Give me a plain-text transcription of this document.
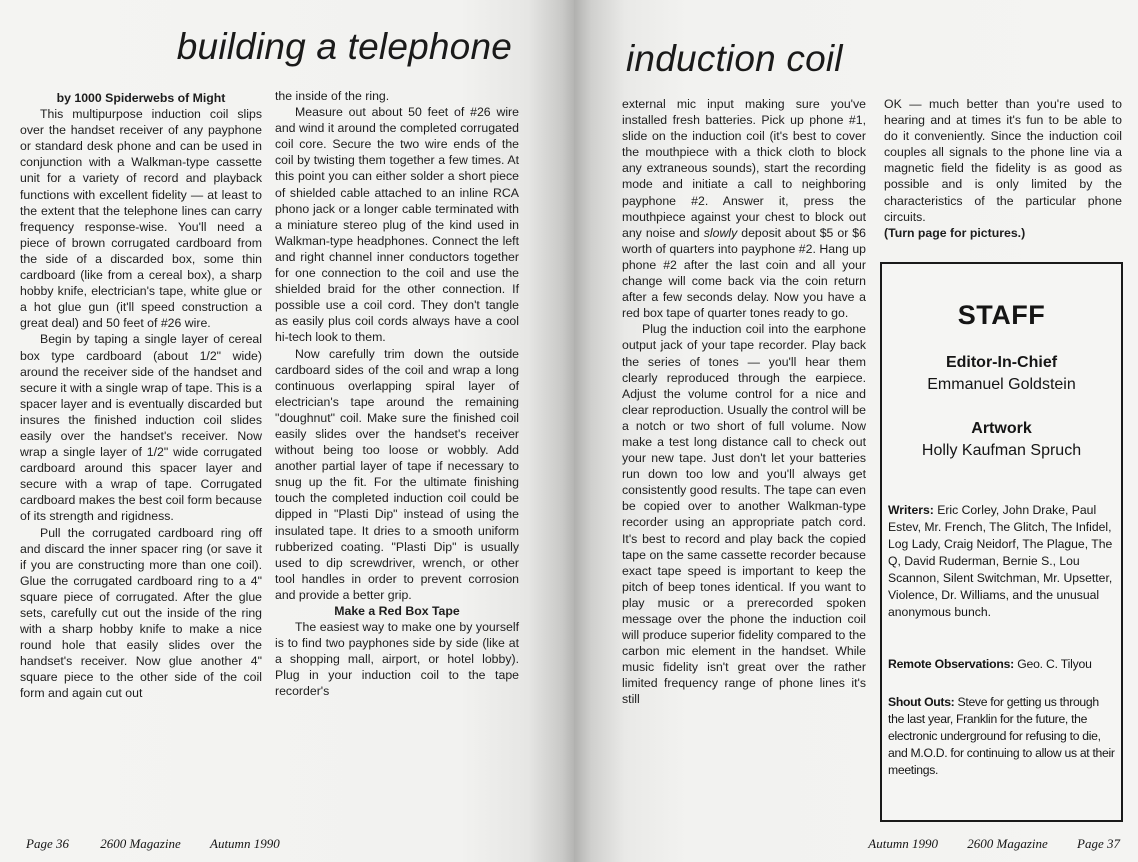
building a telephone
by 1000 Spiderwebs of Might

This multipurpose induction coil slips over the handset receiver of any payphone or standard desk phone and can be used in conjunction with a Walkman-type cassette unit for a variety of record and playback functions with excellent fidelity — at least to the extent that the telephone lines can carry frequency response-wise. You'll need a piece of brown corrugated cardboard from the side of a discarded box, some thin cardboard (like from a cereal box), a sharp hobby knife, electrician's tape, white glue or a hot glue gun (it'll speed construction a great deal) and 50 feet of #26 wire.

Begin by taping a single layer of cereal box type cardboard (about 1/2" wide) around the receiver side of the handset and secure it with a single wrap of tape. This is a spacer layer and is eventually discarded but insures the finished induction coil slides easily over the handset's receiver. Now wrap a single layer of 1/2" wide corrugated cardboard around this spacer layer and secure with a wrap of tape. Corrugated cardboard makes the best coil form because of its strength and rigidness.

Pull the corrugated cardboard ring off and discard the inner spacer ring (or save it if you are constructing more than one coil). Glue the corrugated cardboard ring to a 4" square piece of corrugated. After the glue sets, carefully cut out the inside of the ring with a sharp hobby knife to make a nice round hole that easily slides over the handset's receiver. Now glue another 4" square piece to the other side of the coil form and again cut out

the inside of the ring.

Measure out about 50 feet of #26 wire and wind it around the completed corrugated coil core. Secure the two wire ends of the coil by twisting them together a few times. At this point you can either solder a short piece of shielded cable attached to an inline RCA phono jack or a longer cable terminated with a miniature stereo plug of the kind used in Walkman-type headphones. Connect the left and right channel inner conductors together for one connection to the coil and use the shielded braid for the other connection. If possible use a coil cord. They don't tangle as easily plus coil cords always have a cool hi-tech look to them.

Now carefully trim down the outside cardboard sides of the coil and wrap a long continuous overlapping spiral layer of electrician's tape around the remaining "doughnut" coil. Make sure the finished coil easily slides over the handset's receiver without being too loose or wobbly. Add another partial layer of tape if necessary to snug up the fit. For the ultimate finishing touch the completed induction coil could be dipped in "Plasti Dip" instead of using the insulated tape. It dries to a smooth uniform rubberized coating. "Plasti Dip" is usually used to dip screwdriver, wrench, or other tool handles in order to prevent corrosion and provide a better grip.

Make a Red Box Tape

The easiest way to make one by yourself is to find two payphones side by side (like at a shopping mall, airport, or hotel lobby). Plug in your induction coil to the tape recorder's

Page 36 2600 Magazine Autumn 1990
induction coil

external mic input making sure you've installed fresh batteries. Pick up phone #1, slide on the induction coil (it's best to cover the mouthpiece with a thick cloth to block any extraneous sounds), start the recording mode and initiate a call to neighboring payphone #2. Answer it, press the mouthpiece against your chest to block out any noise and slowly deposit about $5 or $6 worth of quarters into payphone #2. Hang up phone #2 after the last coin and all your change will come back via the coin return after a few seconds delay. Now you have a red box tape of quarter tones ready to go.

Plug the induction coil into the earphone output jack of your tape recorder. Play back the series of tones — you'll hear them clearly reproduced through the earpiece. Adjust the volume control for a nice and clear reproduction. Usually the control will be a notch or two short of full volume. Now make a test long distance call to check out your new tape. Just don't let your batteries run down too low and you'll always get consistently good results. The tape can even be copied over to another Walkman-type recorder using an appropriate patch cord. It's best to record and play back the copied tape on the same cassette recorder because exact tape speed is important to keep the pitch of beep tones identical. If you want to play music or a prerecorded spoken message over the phone the induction coil will produce superior fidelity compared to the carbon mic element in the handset. While music fidelity isn't great over the rather limited frequency range of phone lines it's still

OK — much better than you're used to hearing and at times it's fun to be able to do it conveniently. Since the induction coil couples all signals to the phone line via a magnetic field the fidelity is as good as possible and is only limited by the characteristics of the particular phone circuits.

(Turn page for pictures.)

STAFF
Editor-In-Chief
Emmanuel Goldstein
Artwork
Holly Kaufman Spruch
Writers: Eric Corley, John Drake, Paul Estev, Mr. French, The Glitch, The Infidel, Log Lady, Craig Neidorf, The Plague, The Q, David Ruderman, Bernie S., Lou Scannon, Silent Switchman, Mr. Upsetter, Violence, Dr. Williams, and the unusual anonymous bunch.
Remote Observations: Geo. C. Tilyou
Shout Outs: Steve for getting us through the last year, Franklin for the future, the electronic underground for refusing to die, and M.O.D. for continuing to allow us at their meetings.
Autumn 1990 2600 Magazine Page 37
